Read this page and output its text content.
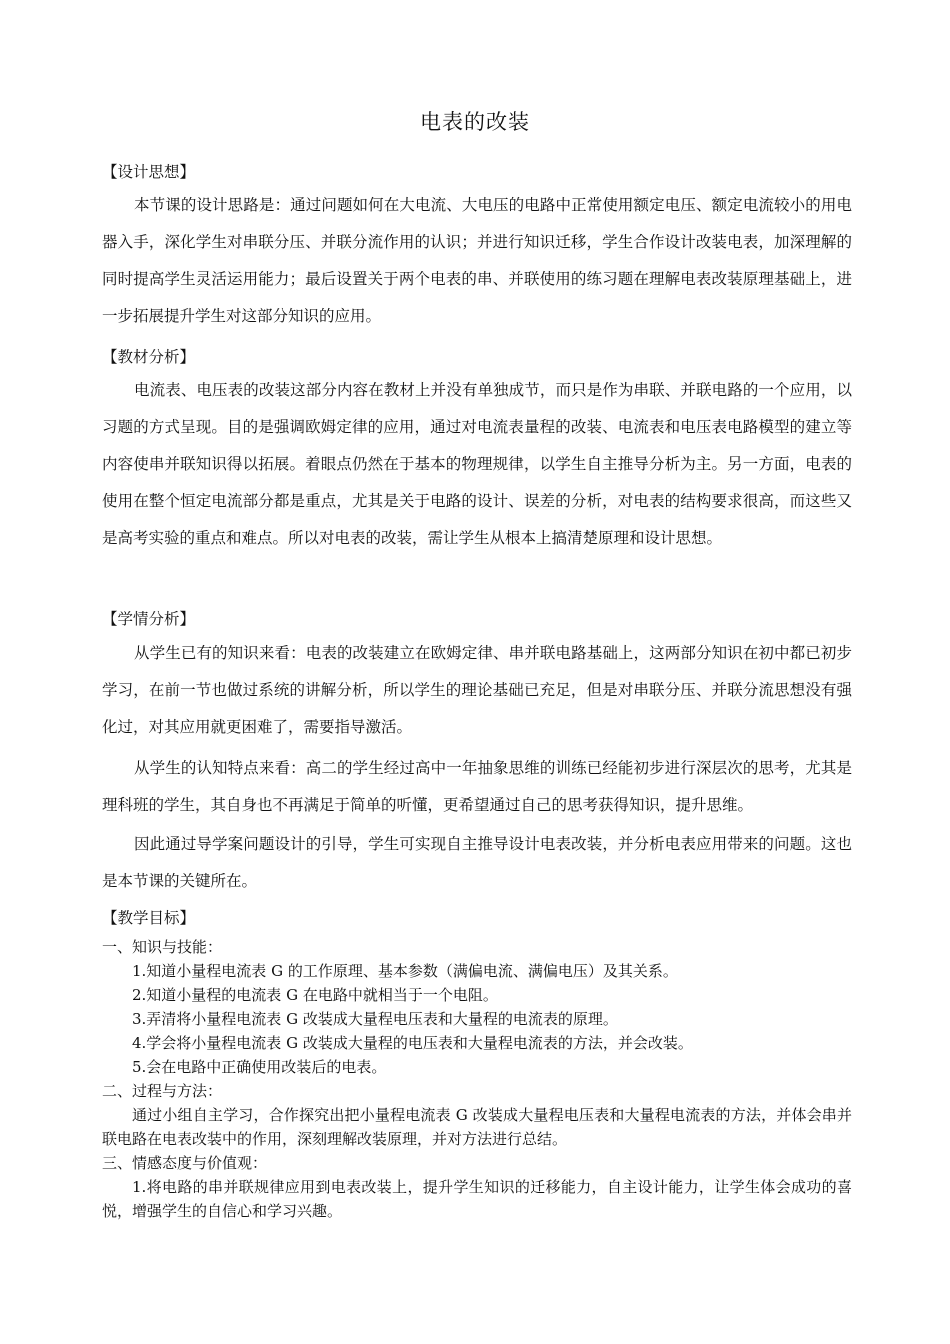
电表的改装
【设计思想】

本节课的设计思路是：通过问题如何在大电流、大电压的电路中正常使用额定电压、额定电流较小的用电器入手，深化学生对串联分压、并联分流作用的认识；并进行知识迁移，学生合作设计改装电表，加深理解的同时提高学生灵活运用能力；最后设置关于两个电表的串、并联使用的练习题在理解电表改装原理基础上，进一步拓展提升学生对这部分知识的应用。

【教材分析】

电流表、电压表的改装这部分内容在教材上并没有单独成节，而只是作为串联、并联电路的一个应用，以习题的方式呈现。目的是强调欧姆定律的应用，通过对电流表量程的改装、电流表和电压表电路模型的建立等内容使串并联知识得以拓展。着眼点仍然在于基本的物理规律，以学生自主推导分析为主。另一方面，电表的使用在整个恒定电流部分都是重点，尤其是关于电路的设计、误差的分析，对电表的结构要求很高，而这些又是高考实验的重点和难点。所以对电表的改装，需让学生从根本上搞清楚原理和设计思想。

【学情分析】

从学生已有的知识来看：电表的改装建立在欧姆定律、串并联电路基础上，这两部分知识在初中都已初步学习，在前一节也做过系统的讲解分析，所以学生的理论基础已充足，但是对串联分压、并联分流思想没有强化过，对其应用就更困难了，需要指导激活。

从学生的认知特点来看：高二的学生经过高中一年抽象思维的训练已经能初步进行深层次的思考，尤其是理科班的学生，其自身也不再满足于简单的听懂，更希望通过自己的思考获得知识，提升思维。

因此通过导学案问题设计的引导，学生可实现自主推导设计电表改装，并分析电表应用带来的问题。这也是本节课的关键所在。

【教学目标】
一、知识与技能：
1.知道小量程电流表 G 的工作原理、基本参数（满偏电流、满偏电压）及其关系。
2.知道小量程的电流表 G 在电路中就相当于一个电阻。
3.弄清将小量程电流表 G 改装成大量程电压表和大量程的电流表的原理。
4.学会将小量程电流表 G 改装成大量程的电压表和大量程电流表的方法，并会改装。
5.会在电路中正确使用改装后的电表。
二、过程与方法：
通过小组自主学习，合作探究出把小量程电流表 G 改装成大量程电压表和大量程电流表的方法，并体会串并联电路在电表改装中的作用，深刻理解改装原理，并对方法进行总结。
三、情感态度与价值观：
1.将电路的串并联规律应用到电表改装上，提升学生知识的迁移能力，自主设计能力，让学生体会成功的喜悦，增强学生的自信心和学习兴趣。
